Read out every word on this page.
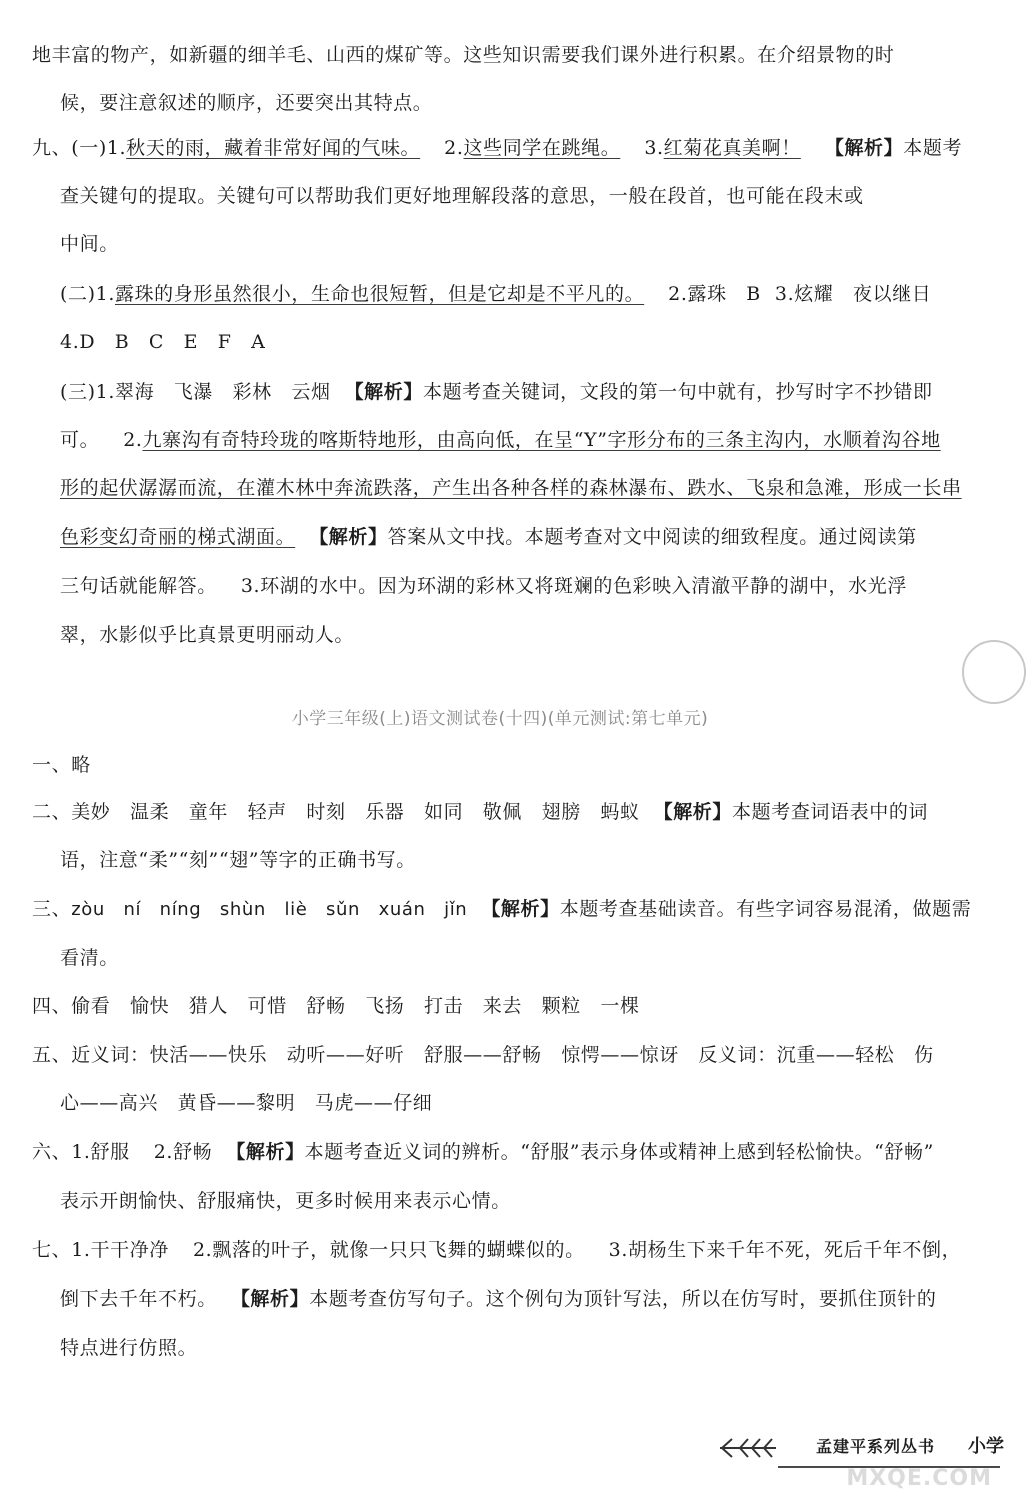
地丰富的物产，如新疆的细羊毛、山西的煤矿等。这些知识需要我们课外进行积累。在介绍景物的时
候，要注意叙述的顺序，还要突出其特点。
九、(一)1.秋天的雨，藏着非常好闻的气味。 2.这些同学在跳绳。 3.红菊花真美啊！ 【解析】本题考
查关键句的提取。关键句可以帮助我们更好地理解段落的意思，一般在段首，也可能在段末或
中间。
(二)1.露珠的身形虽然很小，生命也很短暂，但是它却是不平凡的。 2.露珠　B 3.炫耀　夜以继日
4.D　B　C　E　F　A
(三)1.翠海　飞瀑　彩林　云烟 【解析】本题考查关键词，文段的第一句中就有，抄写时字不抄错即
可。 2.九寨沟有奇特玲珑的喀斯特地形，由高向低，在呈“Y”字形分布的三条主沟内，水顺着沟谷地
形的起伏潺潺而流，在灌木林中奔流跌落，产生出各种各样的森林瀑布、跌水、飞泉和急滩，形成一长串
色彩变幻奇丽的梯式湖面。 【解析】答案从文中找。本题考查对文中阅读的细致程度。通过阅读第
三句话就能解答。 3.环湖的水中。因为环湖的彩林又将斑斓的色彩映入清澈平静的湖中，水光浮
翠，水影似乎比真景更明丽动人。
小学三年级(上)语文测试卷(十四)(单元测试:第七单元)
一、略
二、美妙　温柔　童年　轻声　时刻　乐器　如同　敬佩　翅膀　蚂蚁 【解析】本题考查词语表中的词
语，注意“柔”“刻”“翅”等字的正确书写。
三、zòu　ní　níng　shùn　liè　sǔn　xuán　jǐn 【解析】本题考查基础读音。有些字词容易混淆，做题需
看清。
四、偷看　愉快　猎人　可惜　舒畅　飞扬　打击　来去　颗粒　一棵
五、近义词：快活——快乐　动听——好听　舒服——舒畅　惊愕——惊讶　反义词：沉重——轻松　伤
心——高兴　黄昏——黎明　马虎——仔细
六、1.舒服 2.舒畅 【解析】本题考查近义词的辨析。“舒服”表示身体或精神上感到轻松愉快。“舒畅”
表示开朗愉快、舒服痛快，更多时候用来表示心情。
七、1.干干净净 2.飘落的叶子，就像一只只飞舞的蝴蝶似的。 3.胡杨生下来千年不死，死后千年不倒，
倒下去千年不朽。 【解析】本题考查仿写句子。这个例句为顶针写法，所以在仿写时，要抓住顶针的
特点进行仿照。
孟建平系列丛书 小学
MXQE.COM
